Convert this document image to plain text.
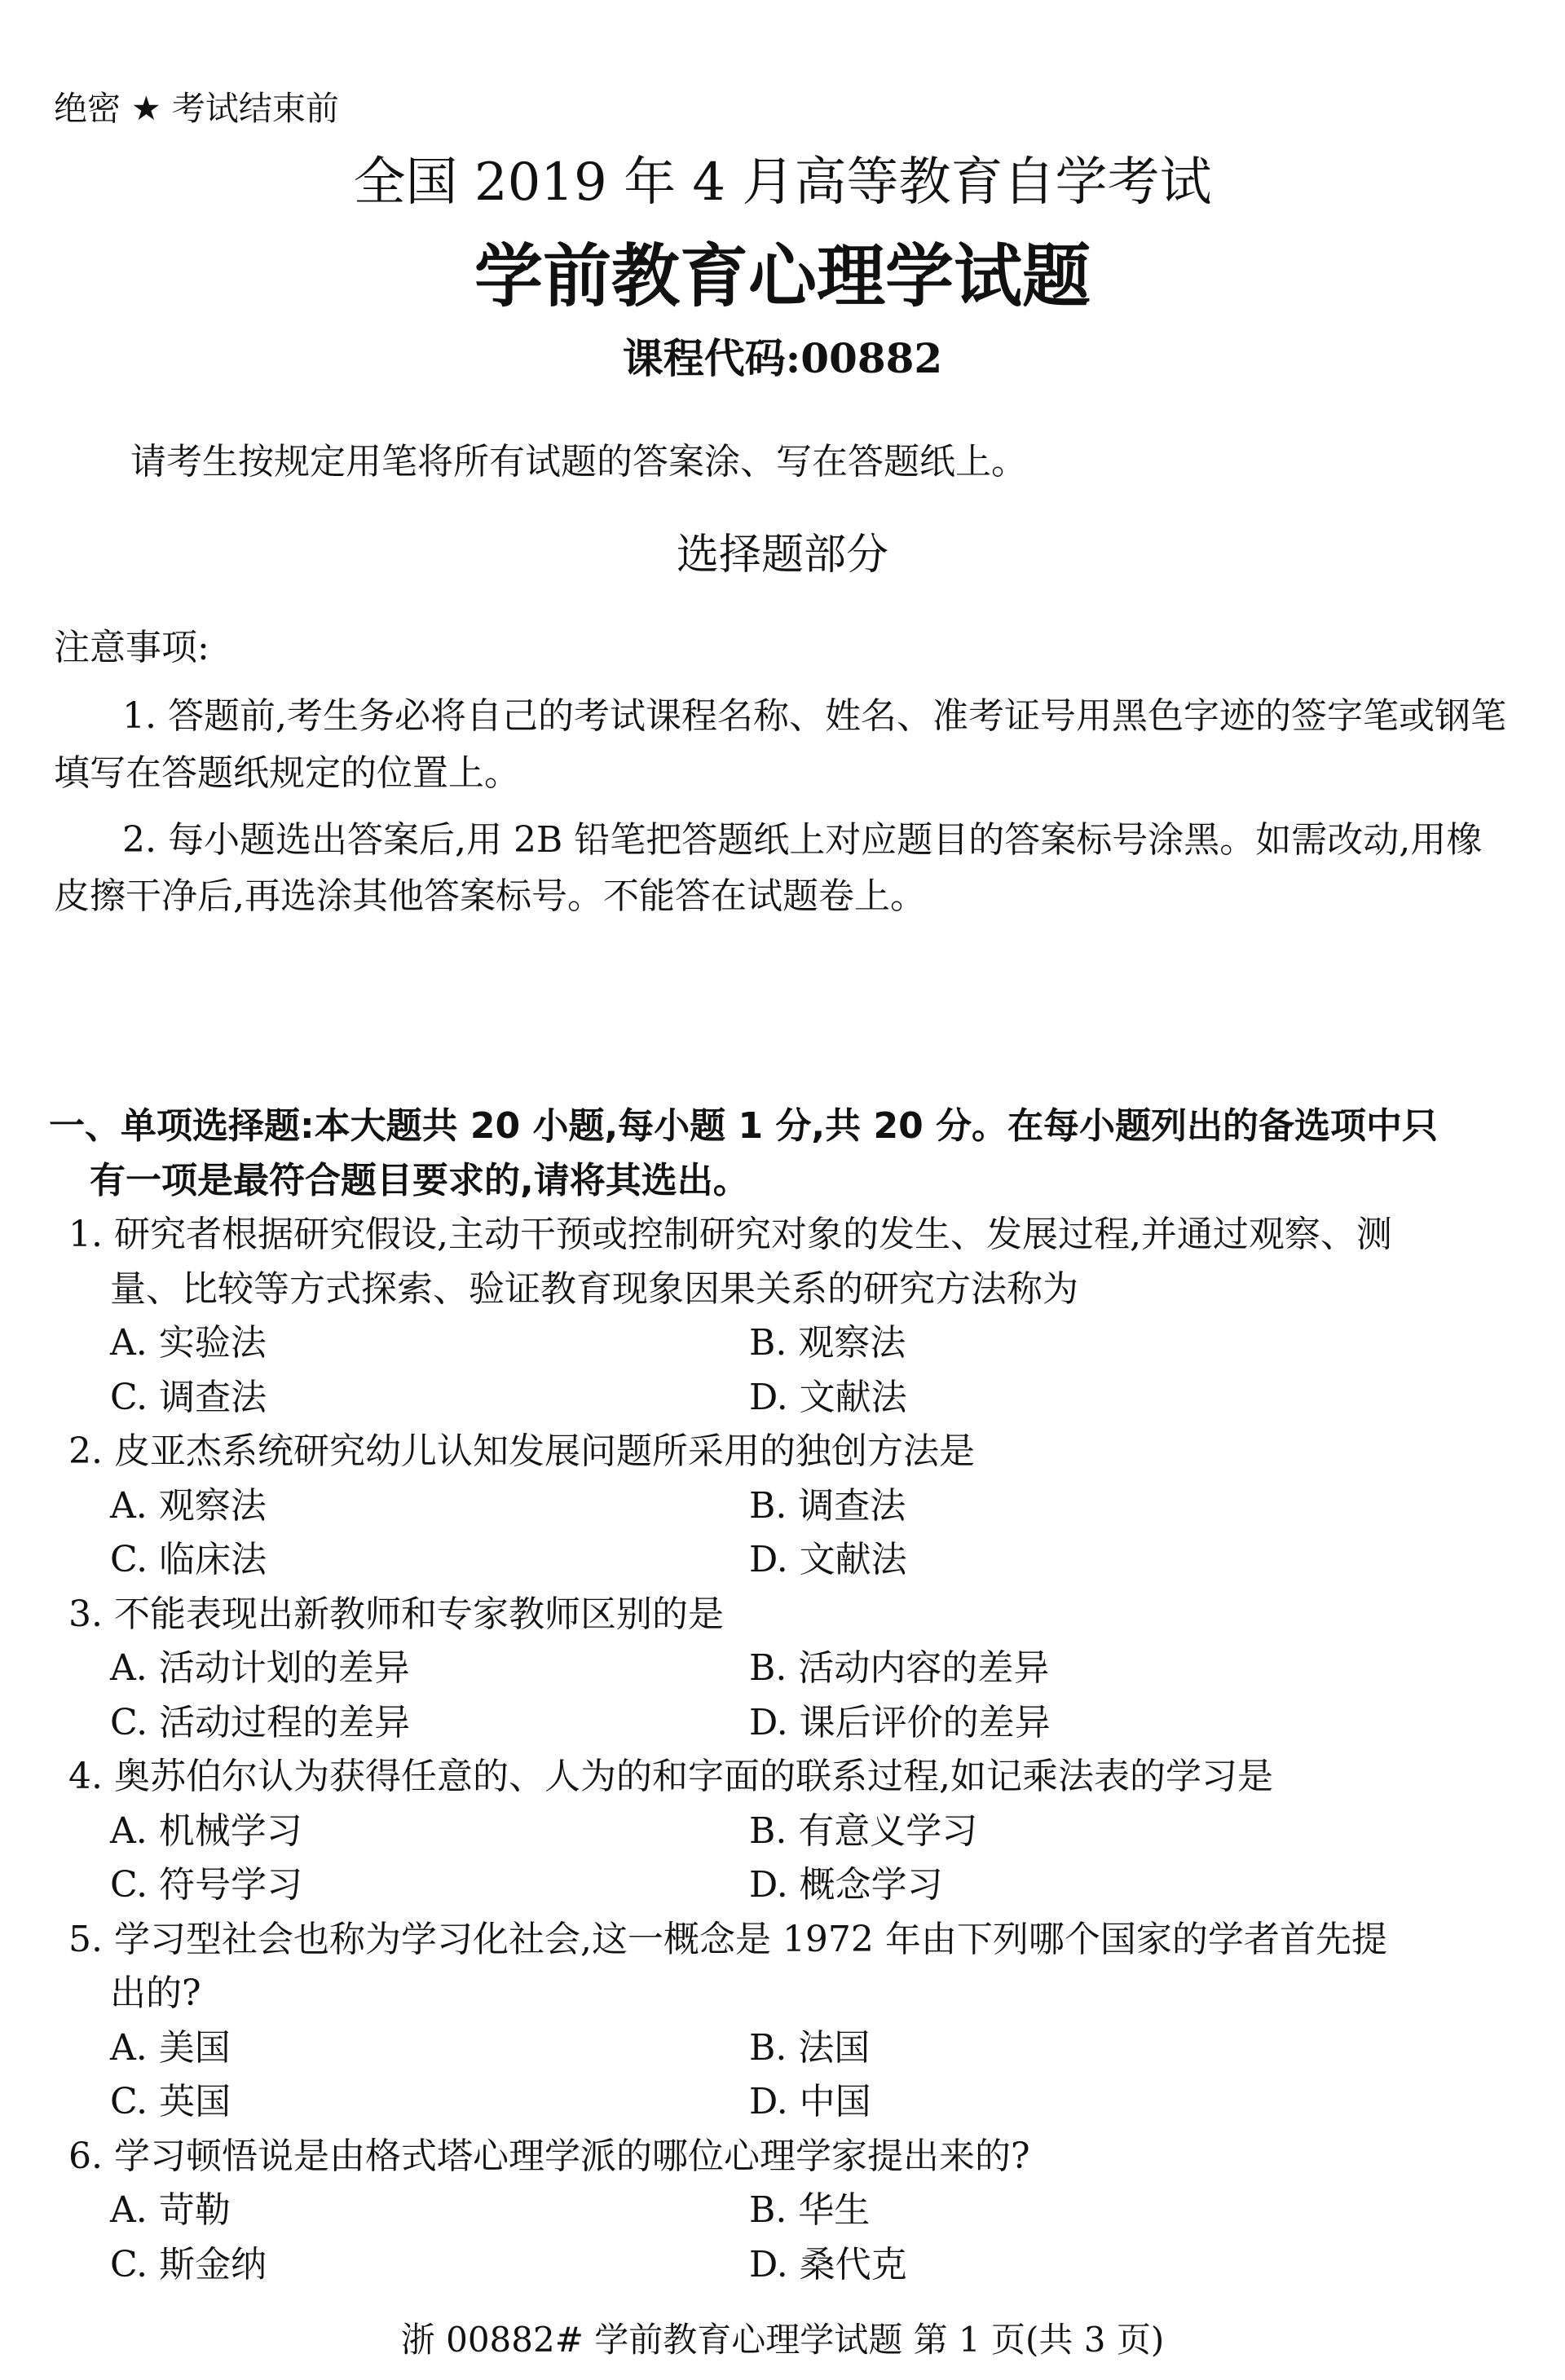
绝密 ★ 考试结束前
全国 2019 年 4 月高等教育自学考试
学前教育心理学试题
课程代码:00882
请考生按规定用笔将所有试题的答案涂、写在答题纸上。
选择题部分
注意事项:
1. 答题前,考生务必将自己的考试课程名称、姓名、准考证号用黑色字迹的签字笔或钢笔
填写在答题纸规定的位置上。
2. 每小题选出答案后,用 2B 铅笔把答题纸上对应题目的答案标号涂黑。如需改动,用橡
皮擦干净后,再选涂其他答案标号。不能答在试题卷上。
一、单项选择题:本大题共 20 小题,每小题 1 分,共 20 分。在每小题列出的备选项中只
有一项是最符合题目要求的,请将其选出。
1. 研究者根据研究假设,主动干预或控制研究对象的发生、发展过程,并通过观察、测
量、比较等方式探索、验证教育现象因果关系的研究方法称为
A. 实验法	B. 观察法
C. 调查法	D. 文献法
2. 皮亚杰系统研究幼儿认知发展问题所采用的独创方法是
A. 观察法	B. 调查法
C. 临床法	D. 文献法
3. 不能表现出新教师和专家教师区别的是
A. 活动计划的差异	B. 活动内容的差异
C. 活动过程的差异	D. 课后评价的差异
4. 奥苏伯尔认为获得任意的、人为的和字面的联系过程,如记乘法表的学习是
A. 机械学习	B. 有意义学习
C. 符号学习	D. 概念学习
5. 学习型社会也称为学习化社会,这一概念是 1972 年由下列哪个国家的学者首先提
出的?
A. 美国	B. 法国
C. 英国	D. 中国
6. 学习顿悟说是由格式塔心理学派的哪位心理学家提出来的?
A. 苛勒	B. 华生
C. 斯金纳	D. 桑代克
浙 00882# 学前教育心理学试题 第 1 页(共 3 页)
